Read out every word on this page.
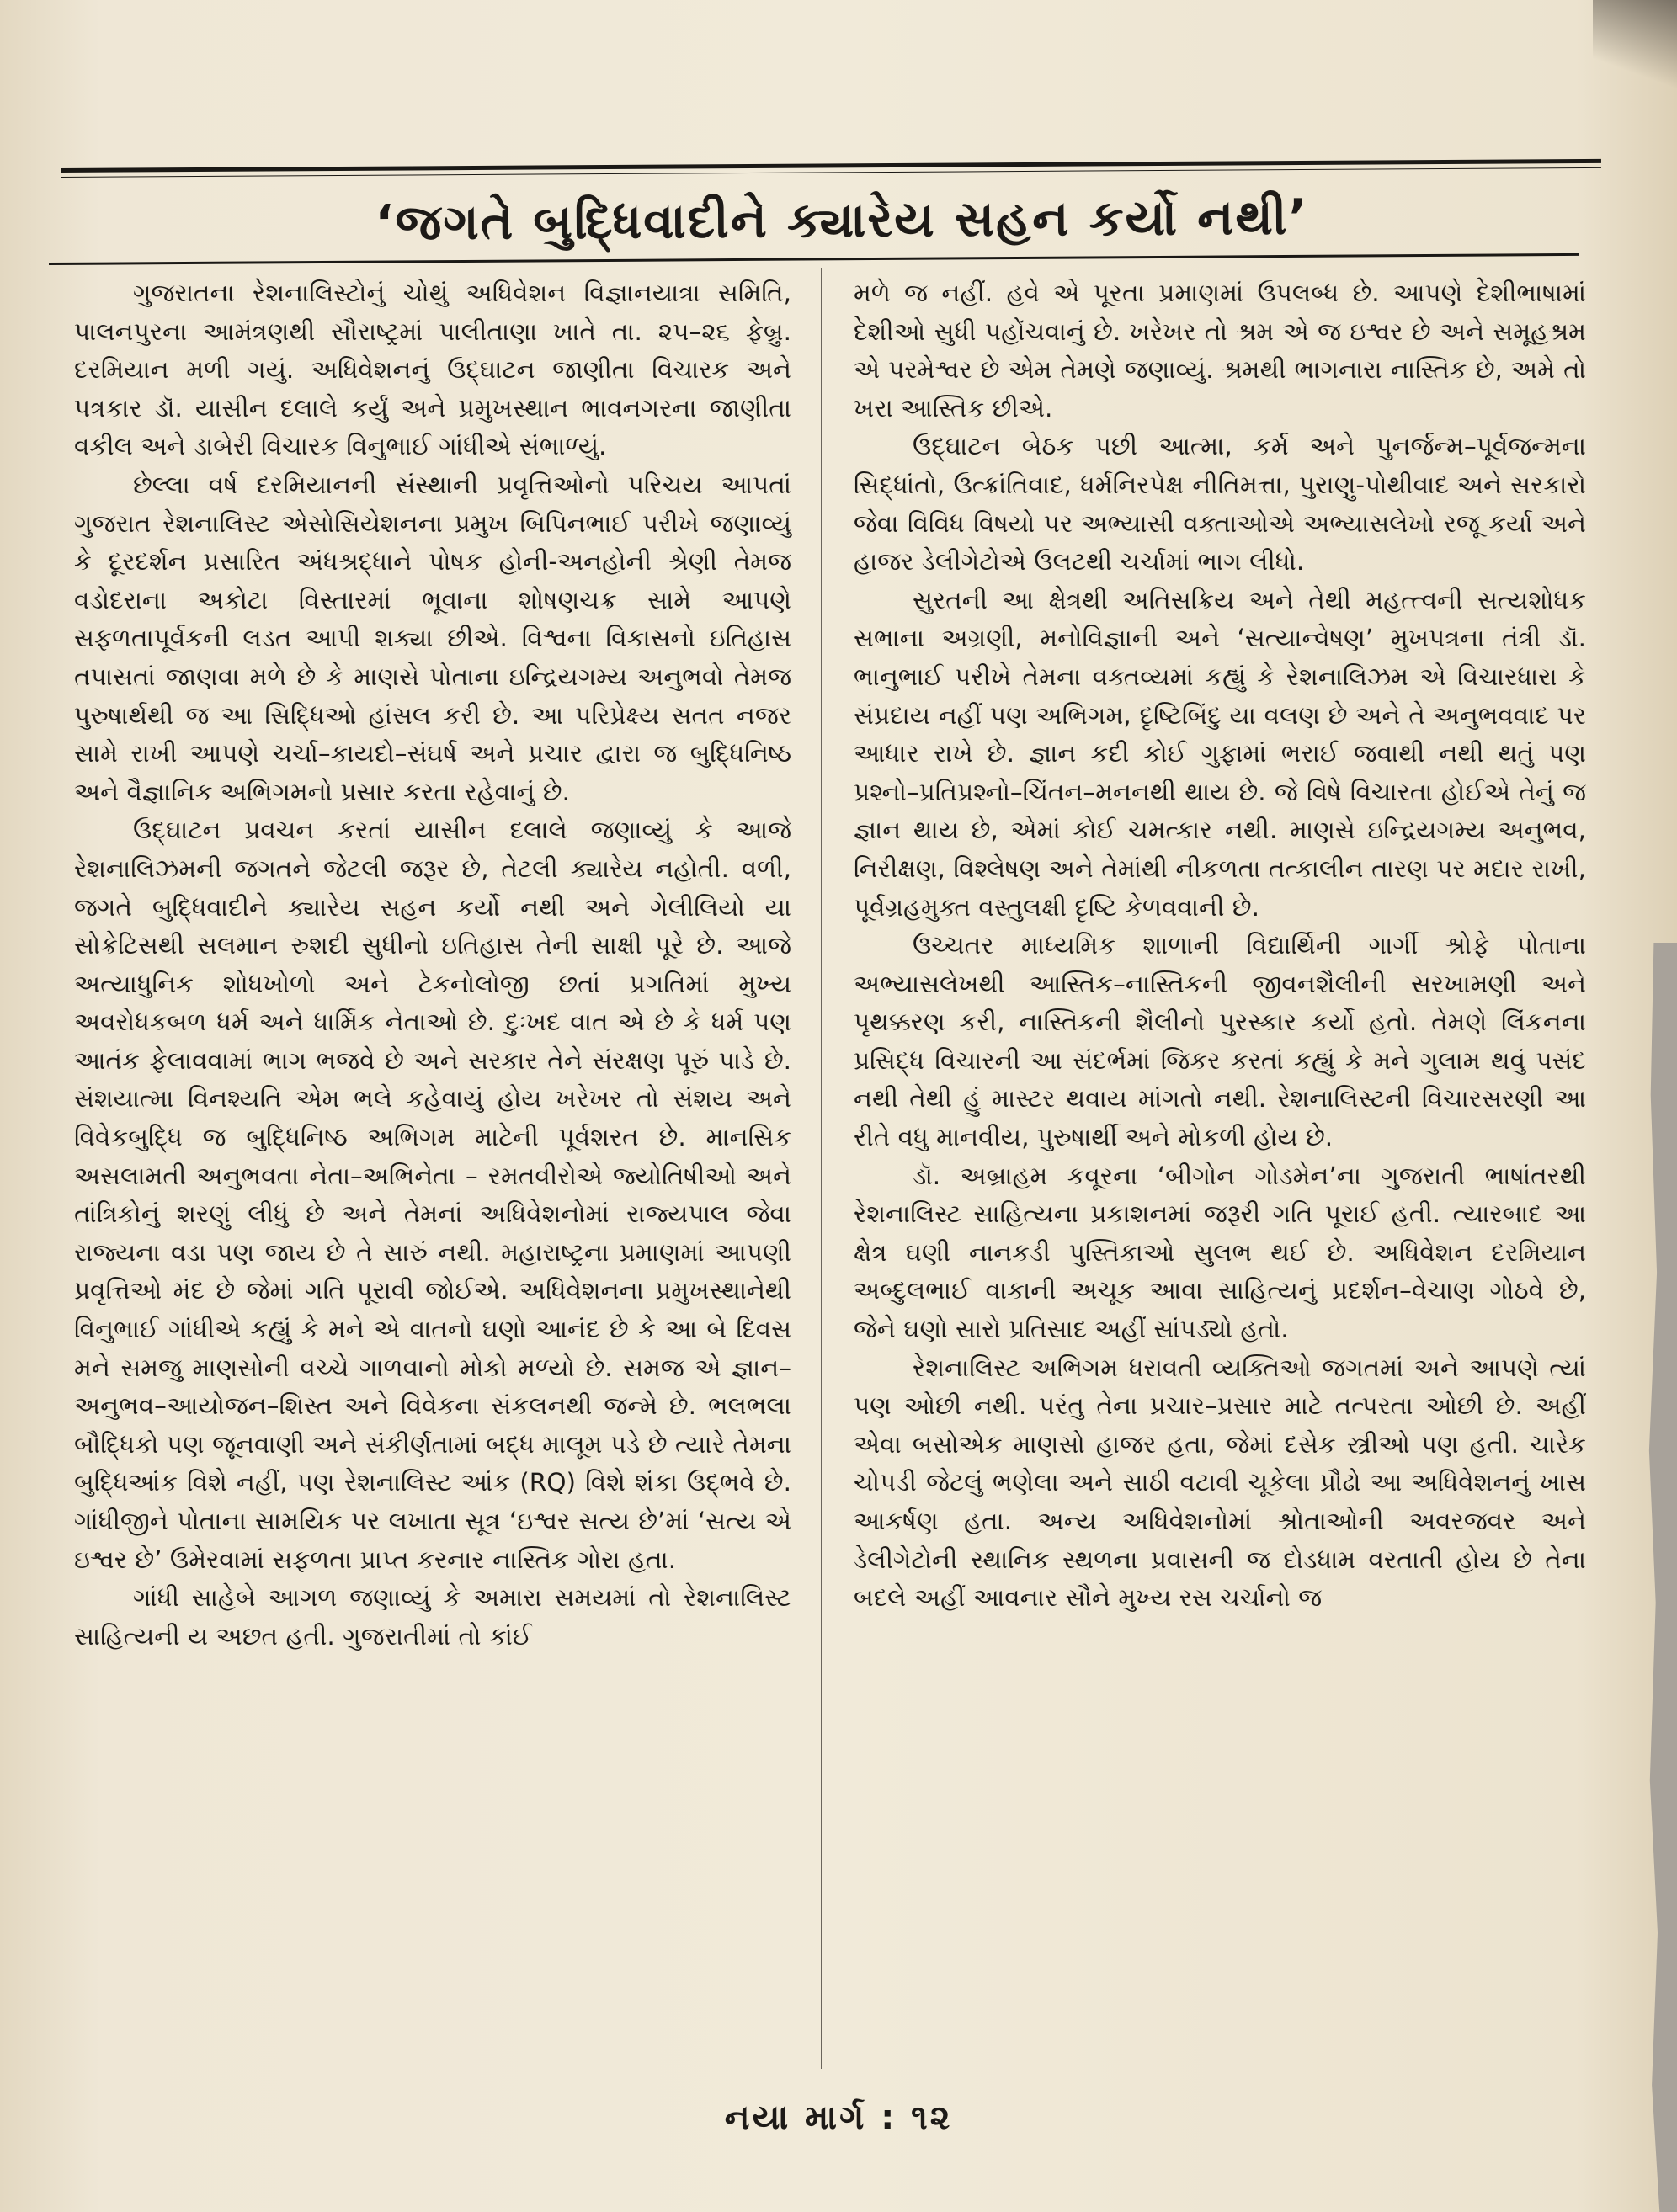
‘જગતે બુદ્ધિવાદીને ક્યારેય સહન કર્યો નથી’

ગુજરાતના રેશનાલિસ્ટોનું ચોથું અધિવેશન વિજ્ઞાનયાત્રા સમિતિ, પાલનપુરના આમંત્રણથી સૌરાષ્ટ્રમાં પાલીતાણા ખાતે તા. ૨૫–૨૬ ફેબ્રુ. દરમિયાન મળી ગયું. અધિવેશનનું ઉદ્‌ઘાટન જાણીતા વિચારક અને પત્રકાર ડૉ. યાસીન દલાલે કર્યું અને પ્રમુખસ્થાન ભાવનગરના જાણીતા વકીલ અને ડાબેરી વિચારક વિનુભાઈ ગાંધીએ સંભાળ્યું.

છેલ્લા વર્ષ દરમિયાનની સંસ્થાની પ્રવૃત્તિઓનો પરિચય આપતાં ગુજરાત રેશનાલિસ્ટ એસોસિયેશનના પ્રમુખ બિપિનભાઈ પરીખે જણાવ્યું કે દૂરદર્શન પ્રસારિત અંધશ્રદ્ધાને પોષક હોની-અનહોની શ્રેણી તેમજ વડોદરાના અકોટા વિસ્તારમાં ભૂવાના શોષણચક્ર સામે આપણે સફળતાપૂર્વકની લડત આપી શક્યા છીએ. વિશ્વના વિકાસનો ઇતિહાસ તપાસતાં જાણવા મળે છે કે માણસે પોતાના ઇન્દ્રિયગમ્ય અનુભવો તેમજ પુરુષાર્થથી જ આ સિદ્ધિઓ હાંસલ કરી છે. આ પરિપ્રેક્ષ્ય સતત નજર સામે રાખી આપણે ચર્ચા–કાયદો–સંઘર્ષ અને પ્રચાર દ્વારા જ બુદ્ધિનિષ્ઠ અને વૈજ્ઞાનિક અભિગમનો પ્રસાર કરતા રહેવાનું છે.

ઉદ્‌ઘાટન પ્રવચન કરતાં યાસીન દલાલે જણાવ્યું કે આજે રેશનાલિઝમની જગતને જેટલી જરૂર છે, તેટલી ક્યારેય નહોતી. વળી, જગતે બુદ્ધિવાદીને ક્યારેય સહન કર્યો નથી અને ગેલીલિયો યા સોક્રેટિસથી સલમાન રુશદી સુધીનો ઇતિહાસ તેની સાક્ષી પૂરે છે. આજે અત્યાધુનિક શોધખોળો અને ટેકનોલોજી છતાં પ્રગતિમાં મુખ્ય અવરોધકબળ ધર્મ અને ધાર્મિક નેતાઓ છે. દુઃખદ વાત એ છે કે ધર્મ પણ આતંક ફેલાવવામાં ભાગ ભજવે છે અને સરકાર તેને સંરક્ષણ પૂરું પાડે છે. સંશયાત્મા વિનશ્યતિ એમ ભલે કહેવાયું હોય ખરેખર તો સંશય અને વિવેકબુદ્ધિ જ બુદ્ધિનિષ્ઠ અભિગમ માટેની પૂર્વશરત છે. માનસિક અસલામતી અનુભવતા નેતા–અભિનેતા – રમતવીરોએ જ્યોતિષીઓ અને તાંત્રિકોનું શરણું લીધું છે અને તેમનાં અધિવેશનોમાં રાજ્યપાલ જેવા રાજ્યના વડા પણ જાય છે તે સારું નથી. મહારાષ્ટ્રના પ્રમાણમાં આપણી પ્રવૃત્તિઓ મંદ છે જેમાં ગતિ પૂરાવી જોઈએ. અધિવેશનના પ્રમુખસ્થાનેથી વિનુભાઈ ગાંધીએ કહ્યું કે મને એ વાતનો ઘણો આનંદ છે કે આ બે દિવસ મને સમજુ માણસોની વચ્ચે ગાળવાનો મોકો મળ્યો છે. સમજ એ જ્ઞાન–અનુભવ–આયોજન–શિસ્ત અને વિવેકના સંકલનથી જન્મે છે. ભલભલા બૌદ્ધિકો પણ જૂનવાણી અને સંકીર્ણતામાં બદ્ધ માલૂમ પડે છે ત્યારે તેમના બુદ્ધિઆંક વિશે નહીં, પણ રેશનાલિસ્ટ આંક (RQ) વિશે શંકા ઉદ્‌ભવે છે. ગાંધીજીને પોતાના સામયિક પર લખાતા સૂત્ર ‘ઇશ્વર સત્ય છે’માં ‘સત્ય એ ઇશ્વર છે’ ઉમેરવામાં સફળતા પ્રાપ્ત કરનાર નાસ્તિક ગોરા હતા.

ગાંધી સાહેબે આગળ જણાવ્યું કે અમારા સમયમાં તો રેશનાલિસ્ટ સાહિત્યની ય અછત હતી. ગુજરાતીમાં તો કાંઈ

મળે જ નહીં. હવે એ પૂરતા પ્રમાણમાં ઉપલબ્ધ છે. આપણે દેશીભાષામાં દેશીઓ સુધી પહોંચવાનું છે. ખરેખર તો શ્રમ એ જ ઇશ્વર છે અને સમૂહશ્રમ એ પરમેશ્વર છે એમ તેમણે જણાવ્યું. શ્રમથી ભાગનારા નાસ્તિક છે, અમે તો ખરા આસ્તિક છીએ.

ઉદ્‌ઘાટન બેઠક પછી આત્મા, કર્મ અને પુનર્જન્મ–પૂર્વજન્મના સિદ્ધાંતો, ઉત્ક્રાંતિવાદ, ધર્મનિરપેક્ષ નીતિમત્તા, પુરાણુ-પોથીવાદ અને સરકારો જેવા વિવિધ વિષયો પર અભ્યાસી વક્તાઓએ અભ્યાસલેખો રજૂ કર્યા અને હાજર ડેલીગેટોએ ઉલટથી ચર્ચામાં ભાગ લીધો.

સુરતની આ ક્ષેત્રથી અતિસક્રિય અને તેથી મહત્ત્વની સત્યશોધક સભાના અગ્રણી, મનોવિજ્ઞાની અને ‘સત્યાન્વેષણ’ મુખપત્રના તંત્રી ડૉ. ભાનુભાઈ પરીખે તેમના વક્તવ્યમાં કહ્યું કે રેશનાલિઝમ એ વિચારધારા કે સંપ્રદાય નહીં પણ અભિગમ, દૃષ્ટિબિંદુ યા વલણ છે અને તે અનુભવવાદ પર આધાર રાખે છે. જ્ઞાન કદી કોઈ ગુફામાં ભરાઈ જવાથી નથી થતું પણ પ્રશ્નો–પ્રતિપ્રશ્નો–ચિંતન–મનનથી થાય છે. જે વિષે વિચારતા હોઈએ તેનું જ જ્ઞાન થાય છે, એમાં કોઈ ચમત્કાર નથી. માણસે ઇન્દ્રિયગમ્ય અનુભવ, નિરીક્ષણ, વિશ્લેષણ અને તેમાંથી નીકળતા તત્કાલીન તારણ પર મદાર રાખી, પૂર્વગ્રહમુક્ત વસ્તુલક્ષી દૃષ્ટિ કેળવવાની છે.

ઉચ્ચતર માધ્યમિક શાળાની વિદ્યાર્થિની ગાર્ગી શ્રોફે પોતાના અભ્યાસલેખથી આસ્તિક–નાસ્તિકની જીવનશૈલીની સરખામણી અને પૃથક્કરણ કરી, નાસ્તિકની શૈલીનો પુરસ્કાર કર્યો હતો. તેમણે લિંકનના પ્રસિદ્ધ વિચારની આ સંદર્ભમાં જિકર કરતાં કહ્યું કે મને ગુલામ થવું પસંદ નથી તેથી હું માસ્ટર થવાય માંગતો નથી. રેશનાલિસ્ટની વિચારસરણી આ રીતે વધુ માનવીય, પુરુષાર્થી અને મોકળી હોય છે.

ડૉ. અબ્રાહમ કવૂરના ‘બીગોન ગોડમેન’ના ગુજરાતી ભાષાંતરથી રેશનાલિસ્ટ સાહિત્યના પ્રકાશનમાં જરૂરી ગતિ પૂરાઈ હતી. ત્યારબાદ આ ક્ષેત્ર ઘણી નાનકડી પુસ્તિકાઓ સુલભ થઈ છે. અધિવેશન દરમિયાન અબ્દુલભાઈ વાકાની અચૂક આવા સાહિત્યનું પ્રદર્શન–વેચાણ ગોઠવે છે, જેને ઘણો સારો પ્રતિસાદ અહીં સાંપડ્યો હતો.

રેશનાલિસ્ટ અભિગમ ધરાવતી વ્યક્તિઓ જગતમાં અને આપણે ત્યાં પણ ઓછી નથી. પરંતુ તેના પ્રચાર–પ્રસાર માટે તત્પરતા ઓછી છે. અહીં એવા બસોએક માણસો હાજર હતા, જેમાં દસેક સ્ત્રીઓ પણ હતી. ચારેક ચોપડી જેટલું ભણેલા અને સાઠી વટાવી ચૂકેલા પ્રૌઢો આ અધિવેશનનું ખાસ આકર્ષણ હતા. અન્ય અધિવેશનોમાં શ્રોતાઓની અવરજવર અને ડેલીગેટોની સ્થાનિક સ્થળના પ્રવાસની જ દોડધામ વરતાતી હોય છે તેના બદલે અહીં આવનાર સૌને મુખ્ય રસ ચર્ચાનો જ

નયા માર્ગ : ૧૨
